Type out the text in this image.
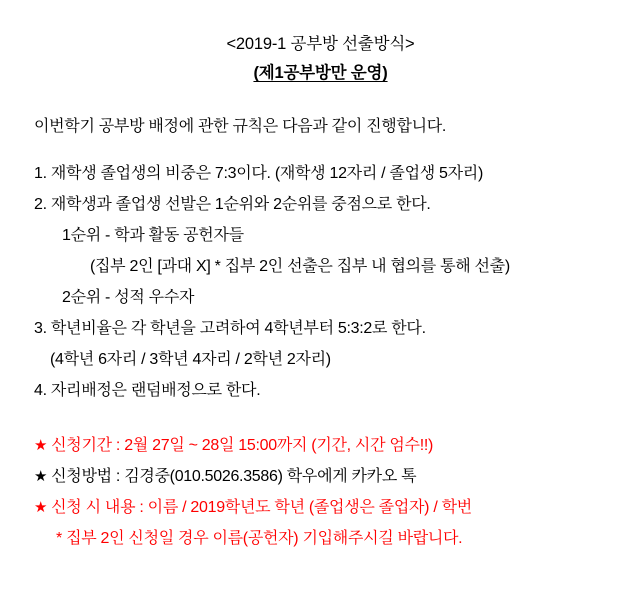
<2019-1 공부방 선출방식>
(제1공부방만 운영)
이번학기 공부방 배정에 관한 규칙은 다음과 같이 진행합니다.
1. 재학생 졸업생의 비중은 7:3이다. (재학생 12자리 / 졸업생 5자리)
2. 재학생과 졸업생 선발은 1순위와 2순위를 중점으로 한다.
1순위 - 학과 활동 공헌자들
(집부 2인 [과대 X] * 집부 2인 선출은 집부 내 협의를 통해 선출)
2순위 - 성적 우수자
3. 학년비율은 각 학년을 고려하여 4학년부터 5:3:2로 한다.
(4학년 6자리 / 3학년 4자리 / 2학년 2자리)
4. 자리배정은 랜덤배정으로 한다.
★ 신청기간 : 2월 27일 ~ 28일 15:00까지 (기간, 시간 엄수!!)
★ 신청방법 : 김경중(010.5026.3586) 학우에게 카카오 톡
★ 신청 시 내용 : 이름 / 2019학년도 학년 (졸업생은 졸업자) / 학번
* 집부 2인 신청일 경우 이름(공헌자) 기입해주시길 바랍니다.
